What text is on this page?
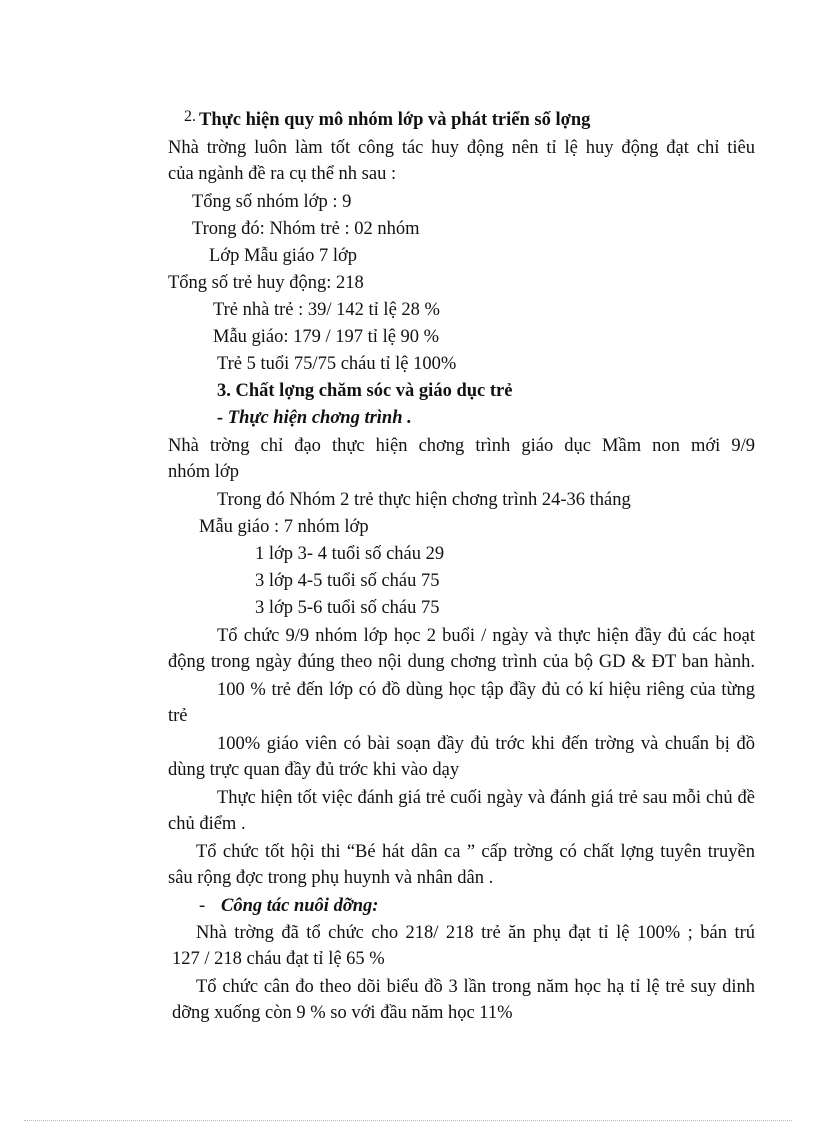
2. Thực hiện quy mô nhóm lớp và phát triển số lợng
Nhà trờng luôn làm tốt công tác huy động nên tỉ lệ huy động đạt chỉ tiêu
của ngành đề ra cụ thể nh sau :
Tổng số nhóm lớp : 9
Trong đó: Nhóm trẻ : 02 nhóm
Lớp Mẫu giáo 7 lớp
Tổng số trẻ huy động: 218
Trẻ nhà trẻ : 39/ 142 tỉ lệ 28 %
Mẫu giáo: 179 / 197 tỉ lệ 90 %
Trẻ 5 tuổi 75/75 cháu tỉ lệ 100%
3. Chất lợng chăm sóc và giáo dục trẻ
- Thực hiện chơng trình .
Nhà trờng chỉ đạo thực hiện chơng trình giáo dục Mầm non mới 9/9
nhóm lớp
Trong đó Nhóm 2 trẻ thực hiện chơng trình 24-36 tháng
Mẫu giáo : 7 nhóm lớp
1 lớp 3- 4 tuổi số cháu 29
3 lớp 4-5 tuổi số cháu 75
3 lớp 5-6 tuổi số cháu 75
Tổ chức 9/9 nhóm lớp học 2 buổi / ngày và thực hiện đầy đủ các hoạt
động trong ngày đúng theo nội dung chơng trình của bộ GD & ĐT ban hành.
100 % trẻ đến lớp có đồ dùng học tập đầy đủ có kí hiệu riêng của từng
trẻ
100% giáo viên có bài soạn đầy đủ trớc khi đến trờng và chuẩn bị đồ
dùng trực quan đầy đủ trớc khi vào dạy
Thực hiện tốt việc đánh giá trẻ cuối ngày và đánh giá trẻ sau mỗi chủ đề
chủ điểm .
Tổ chức tốt hội thi “Bé hát dân ca ” cấp trờng có chất lợng tuyên truyền
sâu rộng đợc trong phụ huynh và nhân dân .
- Công tác nuôi dỡng:
Nhà trờng đã tổ chức cho 218/ 218 trẻ ăn phụ đạt tỉ lệ 100% ; bán trú
127 / 218 cháu đạt tỉ lệ 65 %
Tổ chức cân đo theo dõi biểu đồ 3 lần trong năm học hạ tỉ lệ trẻ suy dinh
dỡng xuống còn 9 % so với đầu năm học 11%
